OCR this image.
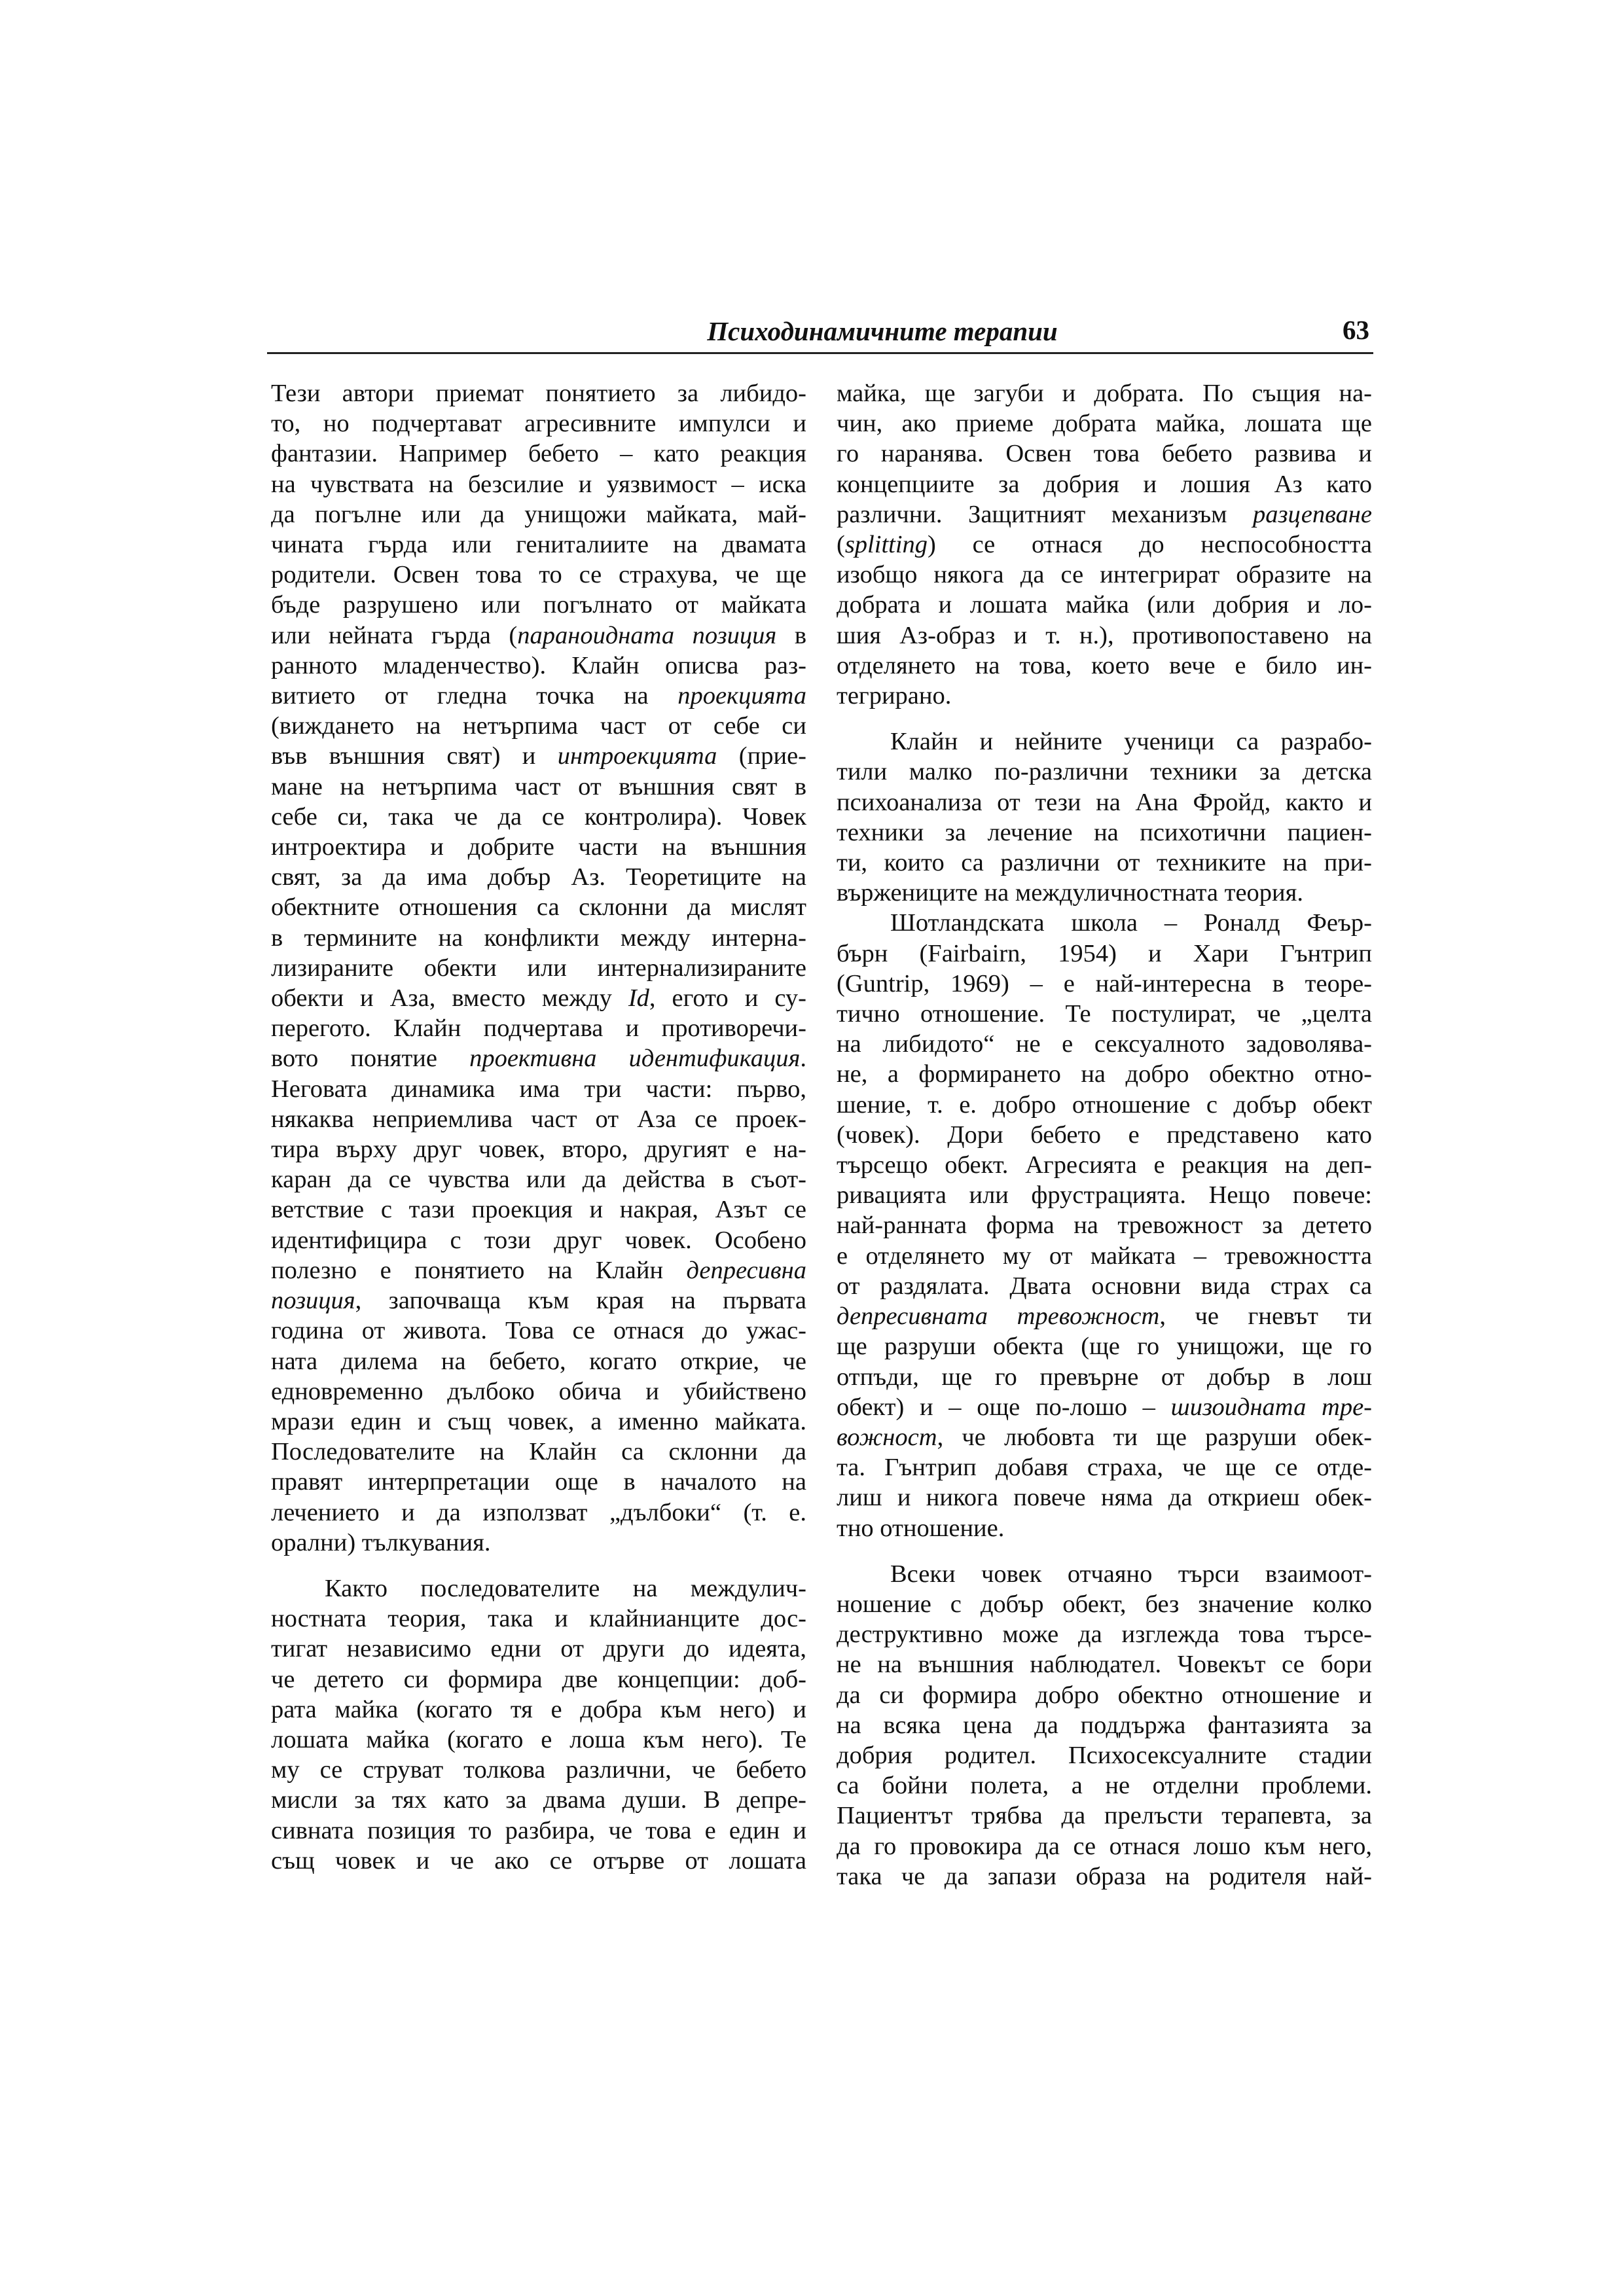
Психодинамичните терапии	63
Тези автори приемат понятието за либидо-
то, но подчертават агресивните импулси и
фантазии. Например бебето – като реакция
на чувствата на безсилие и уязвимост – иска
да погълне или да унищожи майката, май-
чината гърда или гениталиите на двамата
родители. Освен това то се страхува, че ще
бъде разрушено или погълнато от майката
или нейната гърда (параноидната позиция в
ранното младенчество). Клайн описва раз-
витието от гледна точка на проекцията
(вижданeто на нетърпима част от себе си
във външния свят) и интроекцията (прие-
мане на нетърпима част от външния свят в
себе си, така че да се контролира). Човек
интроектира и добрите части на външния
свят, за да има добър Аз. Теоретиците на
обектните отношения са склонни да мислят
в термините на конфликти между интерна-
лизираните обекти или интернализираните
обекти и Аза, вместо между Id, егото и су-
перегото. Клайн подчертава и противоречи-
вото понятие проективна идентификация.
Неговата динамика има три части: първо,
някаква неприемлива част от Аза се проек-
тира върху друг човек, второ, другият е на-
каран да се чувства или да действа в съот-
ветствие с тази проекция и накрая, Азът се
идентифицира с този друг човек. Особено
полезно е понятието на Клайн депресивна
позиция, започваща към края на първата
година от живота. Това се отнася до ужас-
ната дилема на бебето, когато открие, че
едновременно дълбоко обича и убийствено
мрази един и същ човек, а именно майката.
Последователите на Клайн са склонни да
правят интерпретации още в началото на
лечението и да използват „дълбоки“ (т. е.
орални) тълкувания.
Както последователите на междулич-
ностната теория, така и клайнианците дос-
тигат независимо едни от други до идеята,
че детето си формира две концепции: доб-
рата майка (когато тя е добра към него) и
лошата майка (когато е лоша към него). Те
му се струват толкова различни, че бебето
мисли за тях като за двама души. В депре-
сивната позиция то разбира, че това е един и
същ човек и че ако се отърве от лошата
майка, ще загуби и добрата. По същия на-
чин, ако приеме добрата майка, лошата ще
го наранява. Освен това бебето развива и
концепциите за добрия и лошия Аз като
различни. Защитният механизъм разцепване
(splitting) се отнася до неспособността
изобщо някога да се интегрират образите на
добрата и лошата майка (или добрия и ло-
шия Аз-образ и т. н.), противопоставено на
отделянето на това, което вече е било ин-
тегрирано.
Клайн и нейните ученици са разрабо-
тили малко по-различни техники за детска
психоанализа от тези на Ана Фройд, както и
техники за лечение на психотични пациен-
ти, които са различни от техниките на при-
вържениците на междуличностната теория.
Шотландската школа – Роналд Феър-
бърн (Fairbairn, 1954) и Хари Гънтрип
(Guntrip, 1969) – е най-интересна в теоре-
тично отношение. Те постулират, че „целта
на либидото“ не е сексуалното задоволява-
не, а формирането на добро обектно отно-
шение, т. е. добро отношение с добър обект
(човек). Дори бебето е представено като
търсещо обект. Агресията е реакция на деп-
ривацията или фрустрацията. Нещо повече:
най-ранната форма на тревожност за детето
е отделянето му от майката – тревожността
от раздялата. Двата основни вида страх са
депресивната тревожност, че гневът ти
ще разруши обекта (ще го унищожи, ще го
отпъди, ще го превърне от добър в лош
обект) и – още по-лошо – шизоидната тре-
вожност, че любовта ти ще разруши обек-
та. Гънтрип добавя страха, че ще се отде-
лиш и никога повече няма да откриеш обек-
тно отношение.
Всеки човек отчаяно търси взаимоот-
ношение с добър обект, без значение колко
деструктивно може да изглежда това търсе-
не на външния наблюдател. Човекът се бори
да си формира добро обектно отношение и
на всяка цена да поддържа фантазията за
добрия родител. Психосексуалните стадии
са бойни полета, а не отделни проблеми.
Пациентът трябва да прелъсти терапевта, за
да го провокира да се отнася лошо към него,
така че да запази образа на родителя най-
